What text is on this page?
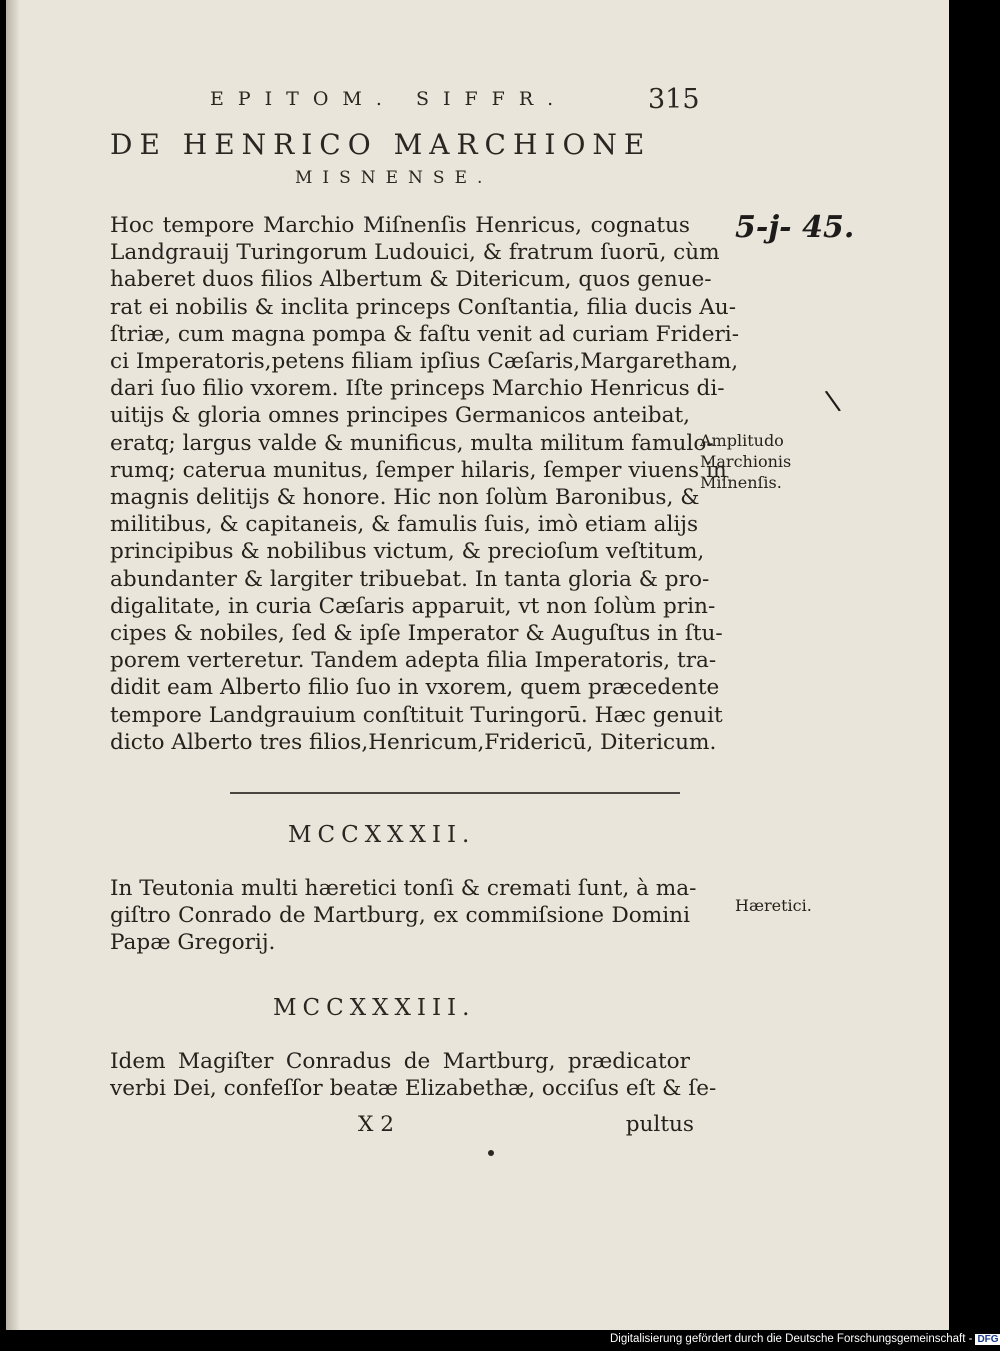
EPITOM. SIFFR.	315
DE HENRICO MARCHIONE
MISNENSE.
5-j- 45.
\
Hoc tempore Marchio Miſnenſis Henricus, cognatus
Landgrauij Turingorum Ludouici, & fratrum ſuorū, cùm
haberet duos filios Albertum & Ditericum, quos genue-
rat ei nobilis & inclita princeps Conſtantia, filia ducis Au-
ſtriæ, cum magna pompa & faſtu venit ad curiam Frideri-
ci Imperatoris,petens filiam ipſius Cæſaris,Margaretham,
dari ſuo filio vxorem. Iſte princeps Marchio Henricus di-
uitijs & gloria omnes principes Germanicos anteibat,
eratq; largus valde & munificus, multa militum famulo-
rumq; caterua munitus, ſemper hilaris, ſemper viuens in
magnis delitijs & honore. Hic non ſolùm Baronibus, &
militibus, & capitaneis, & famulis ſuis, imò etiam alijs
principibus & nobilibus victum, & precioſum veſtitum,
abundanter & largiter tribuebat. In tanta gloria & pro-
digalitate, in curia Cæſaris apparuit, vt non ſolùm prin-
cipes & nobiles, ſed & ipſe Imperator & Auguſtus in ſtu-
porem verteretur. Tandem adepta filia Imperatoris, tra-
didit eam Alberto filio ſuo in vxorem, quem præcedente
tempore Landgrauium conſtituit Turingorū. Hæc genuit
dicto Alberto tres filios,Henricum,Fridericū, Ditericum.
Amplitudo
Marchionis
Miſnenſis.
MCCXXXII.
In Teutonia multi hæretici tonſi & cremati ſunt, à ma-
giſtro Conrado de Martburg, ex commiſsione Domini
Papæ Gregorij.
Hæretici.
MCCXXXIII.
Idem Magiſter Conradus de Martburg, prædicator
verbi Dei, confeſſor beatæ Elizabethæ, occiſus eſt & ſe-
X 2	pultus
Digitalisierung gefördert durch die Deutsche Forschungsgemeinschaft - DFG
